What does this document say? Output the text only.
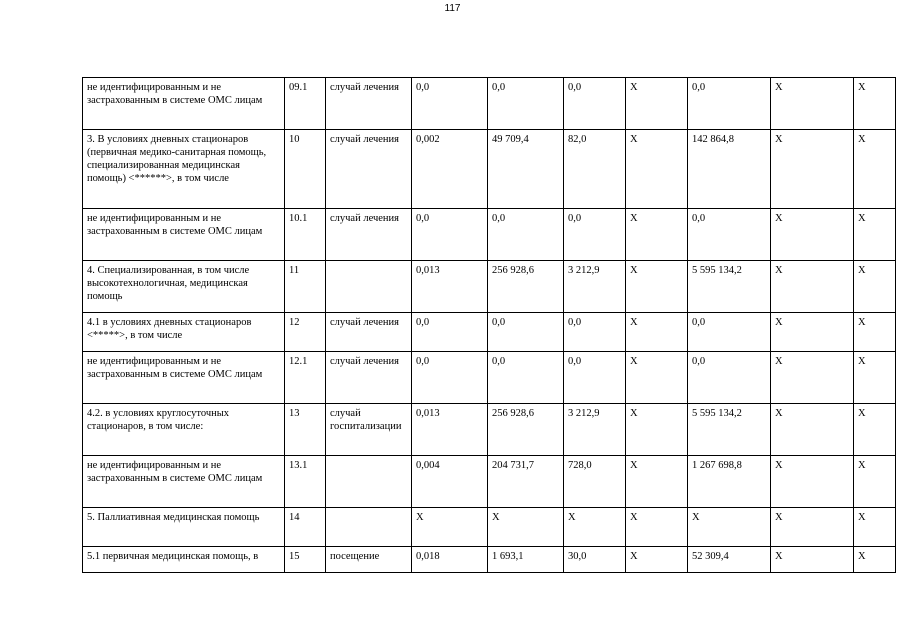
117
не идентифицированным и не застрахованным в системе ОМС лицам	09.1	случай лечения	0,0	0,0	0,0	X	0,0	X	X
3. В условиях дневных стационаров (первичная медико-санитарная помощь, специализированная медицинская помощь) <******>, в том числе	10	случай лечения	0,002	49 709,4	82,0	X	142 864,8	X	X
не идентифицированным и не застрахованным в системе ОМС лицам	10.1	случай лечения	0,0	0,0	0,0	X	0,0	X	X
4. Специализированная, в том числе высокотехнологичная, медицинская помощь	11		0,013	256 928,6	3 212,9	X	5 595 134,2	X	X
4.1 в условиях дневных стационаров <*****>, в том числе	12	случай лечения	0,0	0,0	0,0	X	0,0	X	X
не идентифицированным и не застрахованным в системе ОМС лицам	12.1	случай лечения	0,0	0,0	0,0	X	0,0	X	X
4.2. в условиях круглосуточных стационаров, в том числе:	13	случай госпитализации	0,013	256 928,6	3 212,9	X	5 595 134,2	X	X
не идентифицированным и не застрахованным в системе ОМС лицам	13.1		0,004	204 731,7	728,0	X	1 267 698,8	X	X
5. Паллиативная медицинская помощь	14		X	X	X	X	X	X	X
5.1 первичная медицинская помощь, в	15	посещение	0,018	1 693,1	30,0	X	52 309,4	X	X
